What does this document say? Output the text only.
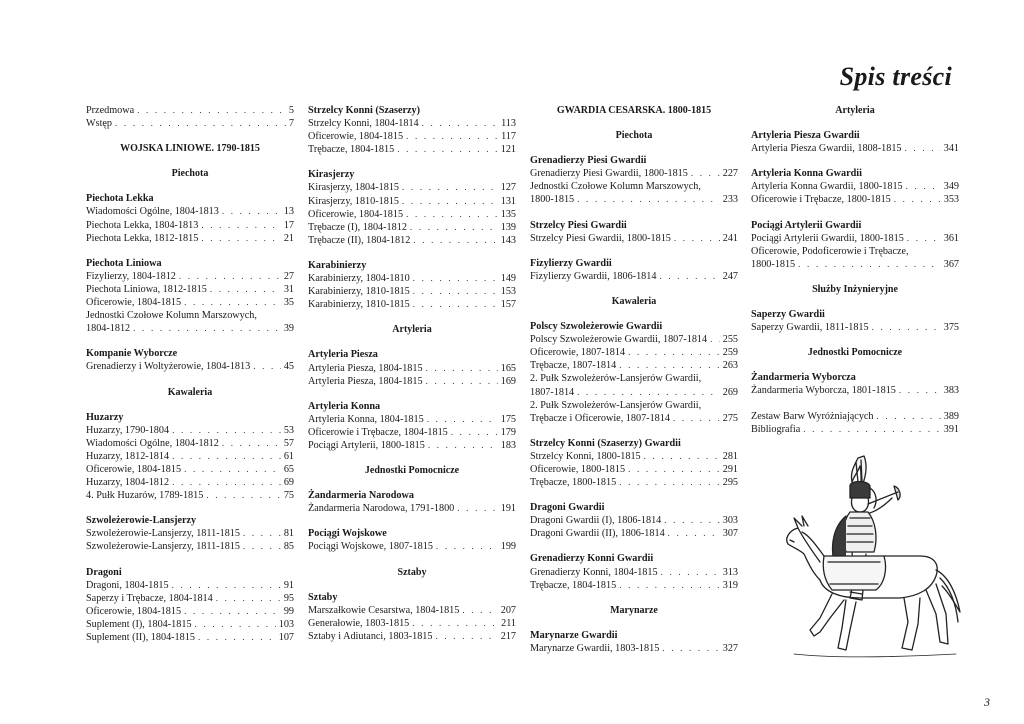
Spis treści
Przedmowa . . .	5
Wstęp . . .	7
WOJSKA LINIOWE. 1790-1815
Piechota
Piechota Lekka
Wiadomości Ogólne, 1804-1813 . . .	13
Piechota Lekka, 1804-1813 . . .	17
Piechota Lekka, 1812-1815 . . .	21
Piechota Liniowa
Fizylierzy, 1804-1812 . . .	27
Piechota Liniowa, 1812-1815 . . .	31
Oficerowie, 1804-1815 . . .	35
Jednostki Czołowe Kolumn Marszowych,
1804-1812 . . .	39
Kompanie Wyborcze
Grenadierzy i Woltyżerowie, 1804-1813 . . .	45
Kawaleria
Huzarzy
Huzarzy, 1790-1804 . . .	53
Wiadomości Ogólne, 1804-1812 . . .	57
Huzarzy, 1812-1814 . . .	61
Oficerowie, 1804-1815 . . .	65
Huzarzy, 1804-1812 . . .	69
4. Pułk Huzarów, 1789-1815 . . .	75
Szwoleżerowie-Lansjerzy
Szwoleżerowie-Lansjerzy, 1811-1815 . . .	81
Szwoleżerowie-Lansjerzy, 1811-1815 . . .	85
Dragoni
Dragoni, 1804-1815 . . .	91
Saperzy i Trębacze, 1804-1814 . . .	95
Oficerowie, 1804-1815 . . .	99
Suplement (I), 1804-1815 . . .	103
Suplement (II), 1804-1815 . . .	107
Strzelcy Konni (Szaserzy)
Strzelcy Konni, 1804-1814 . . .	113
Oficerowie, 1804-1815 . . .	117
Trębacze, 1804-1815 . . .	121
Kirasjerzy
Kirasjerzy, 1804-1815 . . .	127
Kirasjerzy, 1810-1815 . . .	131
Oficerowie, 1804-1815 . . .	135
Trębacze (I), 1804-1812 . . .	139
Trębacze (II), 1804-1812 . . .	143
Karabinierzy
Karabinierzy, 1804-1810 . . .	149
Karabinierzy, 1810-1815 . . .	153
Karabinierzy, 1810-1815 . . .	157
Artyleria
Artyleria Piesza
Artyleria Piesza, 1804-1815 . . .	165
Artyleria Piesza, 1804-1815 . . .	169
Artyleria Konna
Artyleria Konna, 1804-1815 . . .	175
Oficerowie i Trębacze, 1804-1815 . . .	179
Pociągi Artylerii, 1800-1815 . . .	183
Jednostki Pomocnicze
Żandarmeria Narodowa
Żandarmeria Narodowa, 1791-1800 . . .	191
Pociągi Wojskowe
Pociągi Wojskowe, 1807-1815 . . .	199
Sztaby
Sztaby
Marszałkowie Cesarstwa, 1804-1815 . . .	207
Generałowie, 1803-1815 . . .	211
Sztaby i Adiutanci, 1803-1815 . . .	217
GWARDIA CESARSKA. 1800-1815
Piechota
Grenadierzy Piesi Gwardii
Grenadierzy Piesi Gwardii, 1800-1815 . . .	227
Jednostki Czołowe Kolumn Marszowych,
1800-1815 . . .	233
Strzelcy Piesi Gwardii
Strzelcy Piesi Gwardii, 1800-1815 . . .	241
Fizylierzy Gwardii
Fizylierzy Gwardii, 1806-1814 . . .	247
Kawaleria
Polscy Szwoleżerowie Gwardii
Polscy Szwoleżerowie Gwardii, 1807-1814 . . . 255
Oficerowie, 1807-1814 . . .	259
Trębacze, 1807-1814 . . .	263
2. Pułk Szwoleżerów-Lansjerów Gwardii,
1807-1814 . . .	269
2. Pułk Szwoleżerów-Lansjerów Gwardii,
Trębacze i Oficerowie, 1807-1814 . . .	275
Strzelcy Konni (Szaserzy) Gwardii
Strzelcy Konni, 1800-1815 . . .	281
Oficerowie, 1800-1815 . . .	291
Trębacze, 1800-1815 . . .	295
Dragoni Gwardii
Dragoni Gwardii (I), 1806-1814 . . .	303
Dragoni Gwardii (II), 1806-1814 . . .	307
Grenadierzy Konni Gwardii
Grenadierzy Konni, 1804-1815 . . .	313
Trębacze, 1804-1815 . . .	319
Marynarze
Marynarze Gwardii
Marynarze Gwardii, 1803-1815 . . .	327
Artyleria
Artyleria Piesza Gwardii
Artyleria Piesza Gwardii, 1808-1815 . . .	341
Artyleria Konna Gwardii
Artyleria Konna Gwardii, 1800-1815 . . .	349
Oficerowie i Trębacze, 1800-1815 . . .	353
Pociągi Artylerii Gwardii
Pociągi Artylerii Gwardii, 1800-1815 . . .	361
Oficerowie, Podoficerowie i Trębacze,
1800-1815 . . .	367
Służby Inżynieryjne
Saperzy Gwardii
Saperzy Gwardii, 1811-1815 . . .	375
Jednostki Pomocnicze
Żandarmeria Wyborcza
Żandarmeria Wyborcza, 1801-1815 . . .	383
Zestaw Barw Wyróżniających . . .	389
Bibliografia . . .	391
3
